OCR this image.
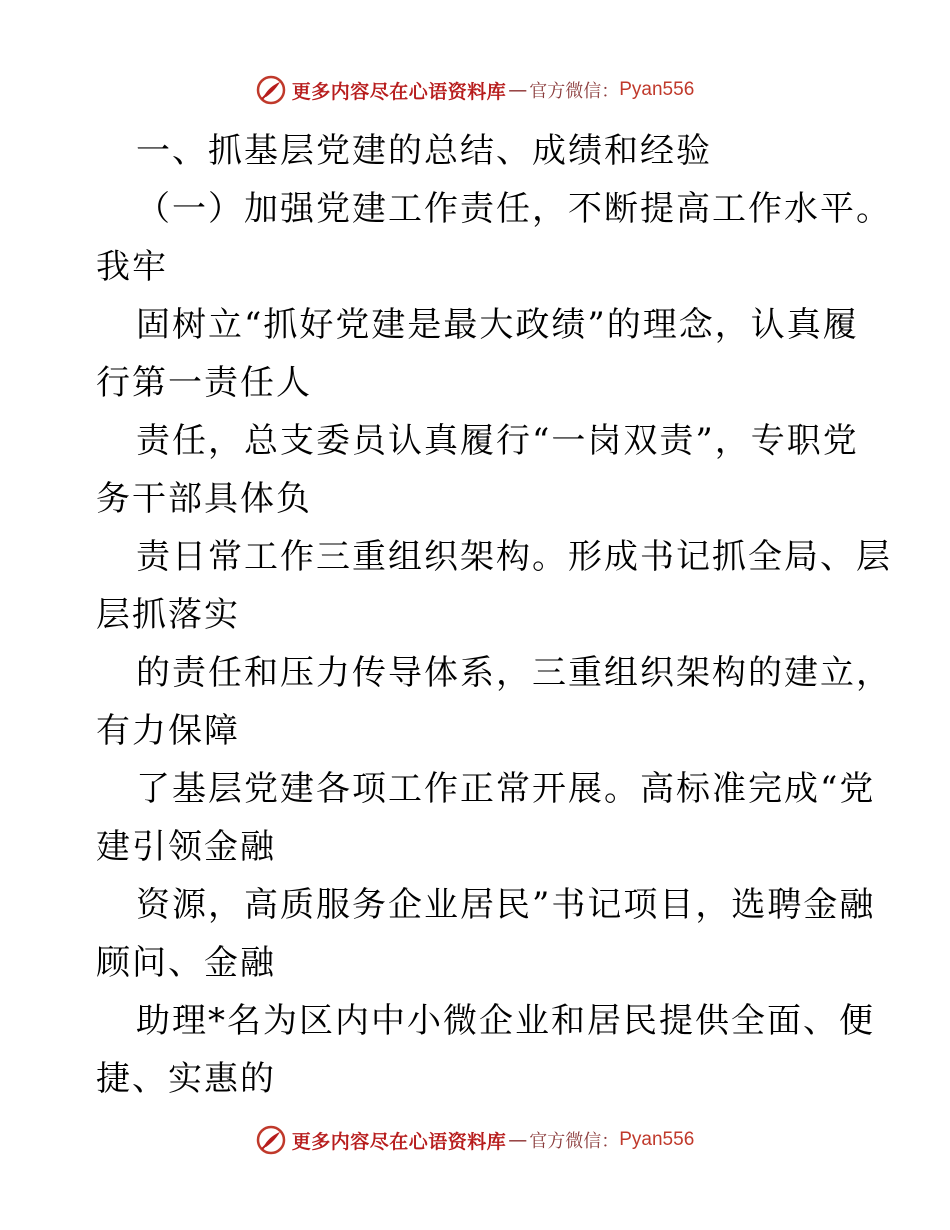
更多内容尽在心语资料库 — 官方微信： Pyan556
一、抓基层党建的总结、成绩和经验
（一）加强党建工作责任，不断提高工作水平。
我牢
固树立“抓好党建是最大政绩”的理念，认真履
行第一责任人
责任，总支委员认真履行“一岗双责”，专职党
务干部具体负
责日常工作三重组织架构。形成书记抓全局、层
层抓落实
的责任和压力传导体系，三重组织架构的建立，
有力保障
了基层党建各项工作正常开展。高标准完成“党
建引领金融
资源，高质服务企业居民”书记项目，选聘金融
顾问、金融
助理*名为区内中小微企业和居民提供全面、便
捷、实惠的
更多内容尽在心语资料库 — 官方微信： Pyan556
